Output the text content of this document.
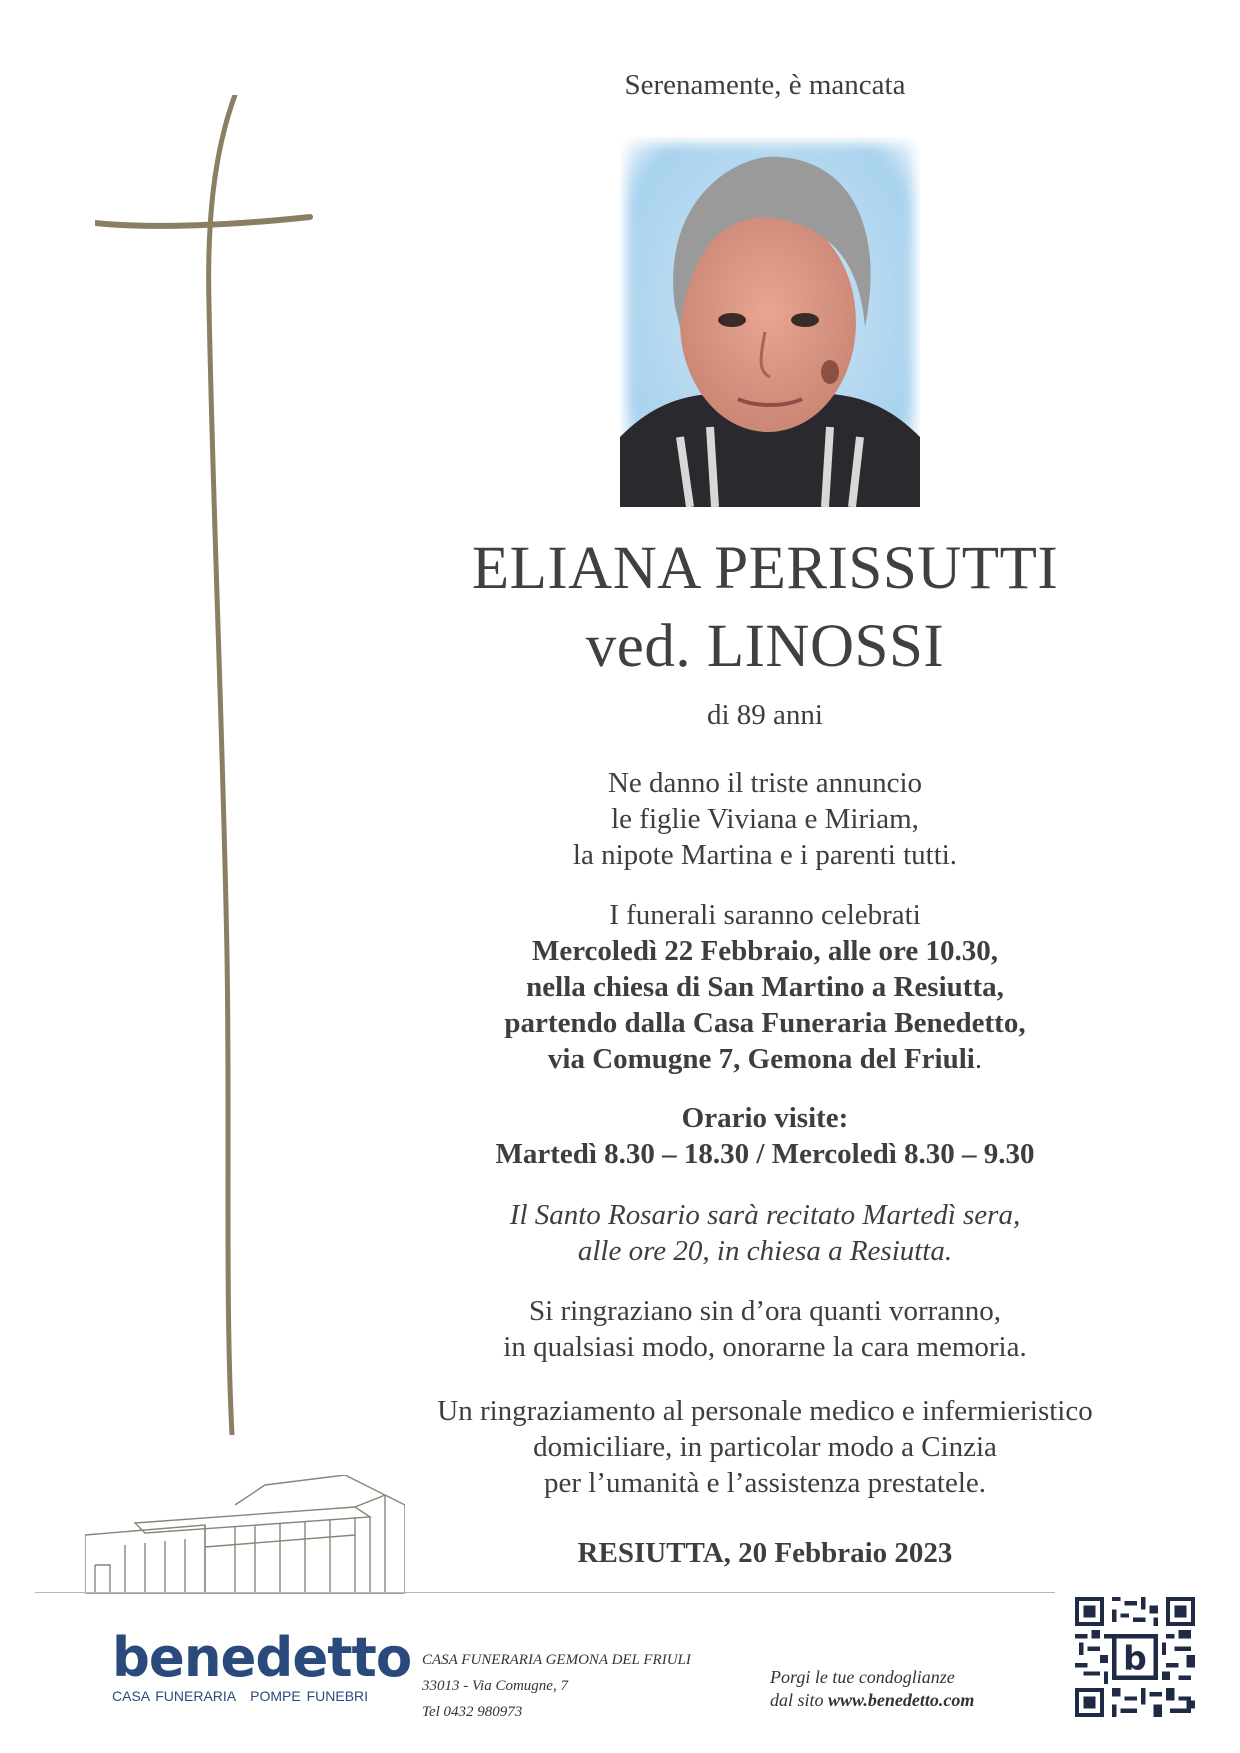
Serenamente, è mancata
ELIANA PERISSUTTI
ved. LINOSSI
di 89 anni
Ne danno il triste annuncio
le figlie Viviana e Miriam,
la nipote Martina e i parenti tutti.
I funerali saranno celebrati
Mercoledì 22 Febbraio, alle ore 10.30,
nella chiesa di San Martino a Resiutta,
partendo dalla Casa Funeraria Benedetto,
via Comugne 7, Gemona del Friuli.
Orario visite:
Martedì 8.30 – 18.30 / Mercoledì 8.30 – 9.30
Il Santo Rosario sarà recitato Martedì sera,
alle ore 20, in chiesa a Resiutta.
Si ringraziano sin d’ora quanti vorranno,
in qualsiasi modo, onorarne la cara memoria.
Un ringraziamento al personale medico e infermieristico
domiciliare, in particolar modo a Cinzia
per l’umanità e l’assistenza prestatele.
RESIUTTA, 20 Febbraio 2023
benedetto
CASA FUNERARIA POMPE FUNEBRI
CASA FUNERARIA GEMONA DEL FRIULI
33013 - Via Comugne, 7
Tel 0432 980973
Porgi le tue condoglianze
dal sito www.benedetto.com
b
